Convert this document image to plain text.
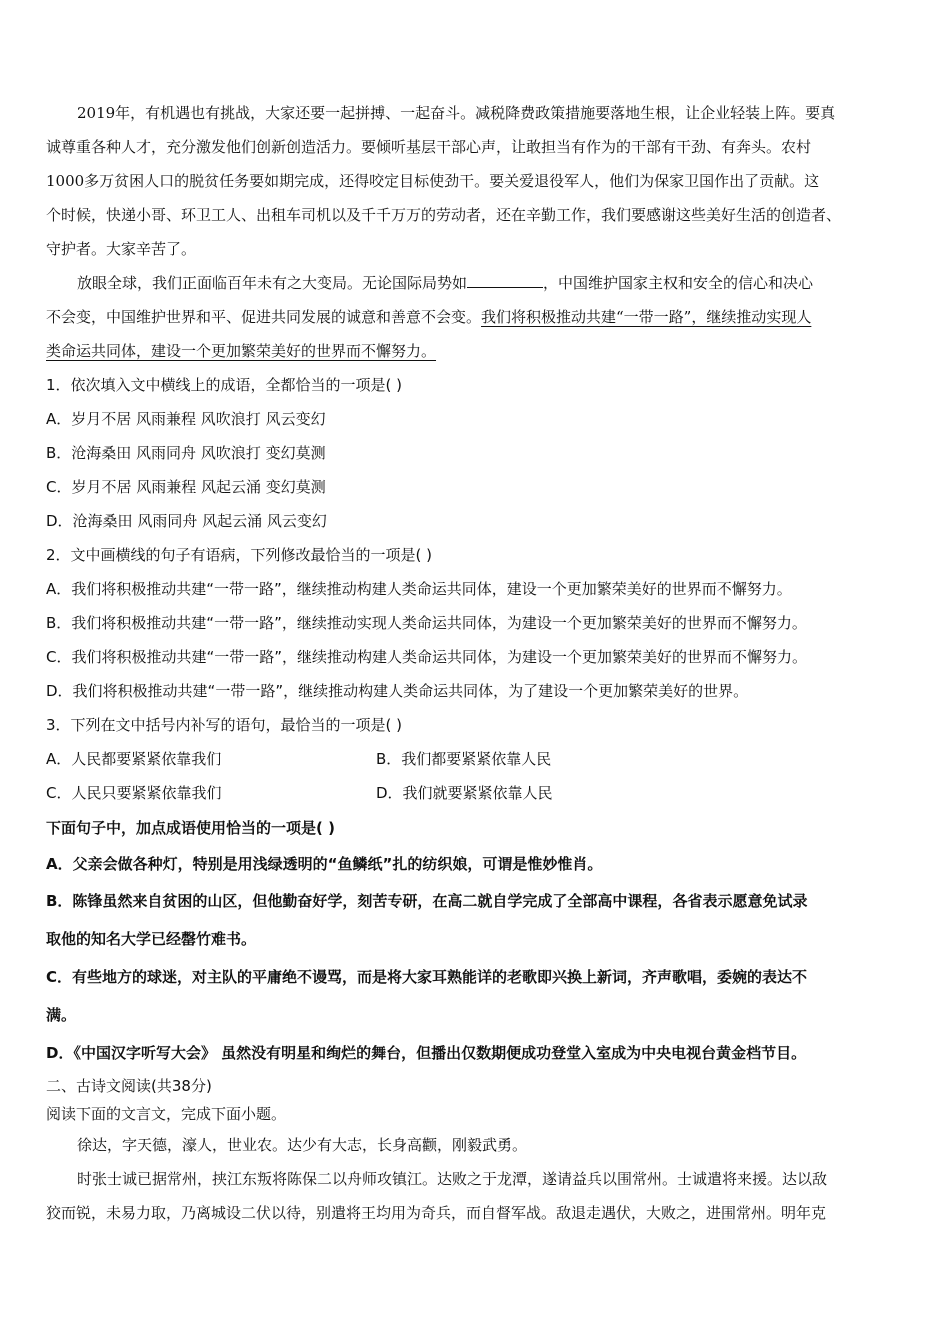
2019年，有机遇也有挑战，大家还要一起拼搏、一起奋斗。减税降费政策措施要落地生根，让企业轻装上阵。要真

诚尊重各种人才，充分激发他们创新创造活力。要倾听基层干部心声，让敢担当有作为的干部有干劲、有奔头。农村

1000多万贫困人口的脱贫任务要如期完成，还得咬定目标使劲干。要关爱退役军人，他们为保家卫国作出了贡献。这

个时候，快递小哥、环卫工人、出租车司机以及千千万万的劳动者，还在辛勤工作，我们要感谢这些美好生活的创造者、

守护者。大家辛苦了。

放眼全球，我们正面临百年未有之大变局。无论国际局势如	，中国维护国家主权和安全的信心和决心

不会变，中国维护世界和平、促进共同发展的诚意和善意不会变。我们将积极推动共建“一带一路”，继续推动实现人

类命运共同体，建设一个更加繁荣美好的世界而不懈努力。

1．依次填入文中横线上的成语，全都恰当的一项是( )

A．岁月不居 风雨兼程 风吹浪打 风云变幻

B．沧海桑田 风雨同舟 风吹浪打 变幻莫测

C．岁月不居 风雨兼程 风起云涌 变幻莫测

D．沧海桑田 风雨同舟 风起云涌 风云变幻

2．文中画横线的句子有语病，下列修改最恰当的一项是( )

A．我们将积极推动共建“一带一路”，继续推动构建人类命运共同体，建设一个更加繁荣美好的世界而不懈努力。

B．我们将积极推动共建“一带一路”，继续推动实现人类命运共同体，为建设一个更加繁荣美好的世界而不懈努力。

C．我们将积极推动共建“一带一路”，继续推动构建人类命运共同体，为建设一个更加繁荣美好的世界而不懈努力。

D．我们将积极推动共建“一带一路”，继续推动构建人类命运共同体，为了建设一个更加繁荣美好的世界。

3．下列在文中括号内补写的语句，最恰当的一项是( )

A．人民都要紧紧依靠我们	B．我们都要紧紧依靠人民

C．人民只要紧紧依靠我们	D．我们就要紧紧依靠人民

下面句子中，加点成语使用恰当的一项是( )

A．父亲会做各种灯，特别是用浅绿透明的“鱼鳞纸”扎的纺织娘，可谓是惟妙惟肖。

B．陈锋虽然来自贫困的山区，但他勤奋好学，刻苦专研，在高二就自学完成了全部高中课程，各省表示愿意免试录

取他的知名大学已经罄竹难书。

C．有些地方的球迷，对主队的平庸绝不谩骂，而是将大家耳熟能详的老歌即兴换上新词，齐声歌唱，委婉的表达不

满。

D．《中国汉字听写大会》 虽然没有明星和绚烂的舞台，但播出仅数期便成功登堂入室成为中央电视台黄金档节目。

二、古诗文阅读(共38分)

阅读下面的文言文，完成下面小题。

徐达，字天德，濠人，世业农。达少有大志，长身高颧，刚毅武勇。

时张士诚已据常州，挟江东叛将陈保二以舟师攻镇江。达败之于龙潭，遂请益兵以围常州。士诚遣将来援。达以敌

狡而锐，未易力取，乃离城设二伏以待，别遣将王均用为奇兵，而自督军战。敌退走遇伏，大败之，进围常州。明年克
